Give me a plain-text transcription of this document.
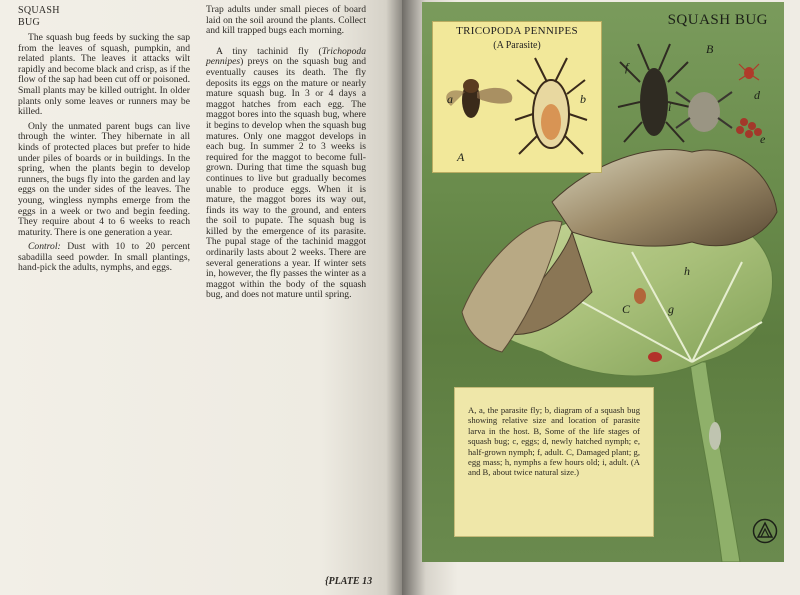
SQUASH
BUG

The squash bug feeds by sucking the sap from the leaves of squash, pumpkin, and related plants. The leaves it attacks wilt rapidly and become black and crisp, as if the flow of the sap had been cut off or poisoned. Small plants may be killed outright. In older plants only some leaves or runners may be killed.

Only the unmated parent bugs can live through the winter. They hibernate in all kinds of protected places but prefer to hide under piles of boards or in buildings. In the spring, when the plants begin to develop runners, the bugs fly into the garden and lay eggs on the under sides of the leaves. The young, wingless nymphs emerge from the eggs in a week or two and begin feeding. They require about 4 to 6 weeks to reach maturity. There is one generation a year.

Control: Dust with 10 to 20 percent sabadilla seed powder. In small plantings, hand-pick the adults, nymphs, and eggs.

Trap adults under small pieces of board laid on the soil around the plants. Collect and kill trapped bugs each morning.

A tiny tachinid fly (Trichopoda pennipes) preys on the squash bug and eventually causes its death. The fly deposits its eggs on the mature or nearly mature squash bug. In 3 or 4 days a maggot hatches from each egg. The maggot bores into the squash bug, where it begins to develop when the squash bug matures. Only one maggot develops in each bug. In summer 2 to 3 weeks is required for the maggot to become full-grown. During that time the squash bug continues to live but gradually becomes unable to produce eggs. When it is mature, the maggot bores its way out, finds its way to the ground, and enters the soil to pupate. The squash bug is killed by the emergence of its parasite. The pupal stage of the tachinid maggot ordinarily lasts about 2 weeks. There are several generations a year. If winter sets in, however, the fly passes the winter as a maggot within the body of the squash bug, and does not mature until spring.

{PLATE 13
SQUASH BUG
TRICOPODA PENNIPES
(A Parasite)
a	b
A
f
B
d
e
i
C	g
h
A, a, the parasite fly; b, diagram of a squash bug showing relative size and location of parasite larva in the host. B, Some of the life stages of squash bug; c, eggs; d, newly hatched nymph; e, half-grown nymph; f, adult. C, Damaged plant; g, egg mass; h, nymphs a few hours old; i, adult. (A and B, about twice natural size.)
